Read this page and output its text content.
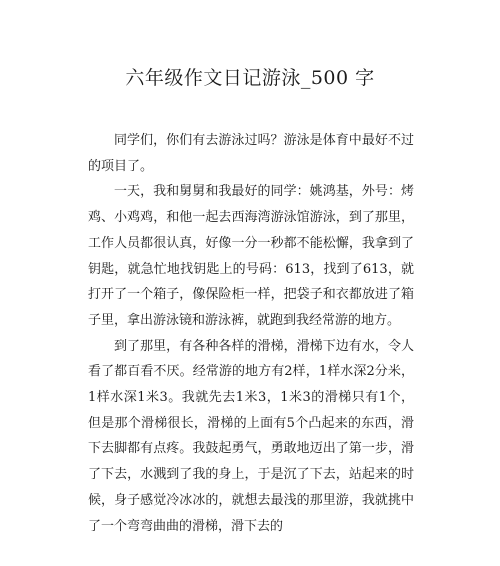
六年级作文日记游泳_500 字

同学们，你们有去游泳过吗？游泳是体育中最好不过的项目了。

一天，我和舅舅和我最好的同学：姚鸿基，外号：烤鸡、小鸡鸡，和他一起去西海湾游泳馆游泳，到了那里，工作人员都很认真，好像一分一秒都不能松懈，我拿到了钥匙，就急忙地找钥匙上的号码：613，找到了613，就打开了一个箱子，像保险柜一样，把袋子和衣都放进了箱子里，拿出游泳镜和游泳裤，就跑到我经常游的地方。

到了那里，有各种各样的滑梯，滑梯下边有水，令人看了都百看不厌。经常游的地方有2样，1样水深2分米，1样水深1米3。我就先去1米3，1米3的滑梯只有1个，但是那个滑梯很长，滑梯的上面有5个凸起来的东西，滑下去脚都有点疼。我鼓起勇气，勇敢地迈出了第一步，滑了下去，水溅到了我的身上，于是沉了下去，站起来的时候，身子感觉冷冰冰的，就想去最浅的那里游，我就挑中了一个弯弯曲曲的滑梯，滑下去的
